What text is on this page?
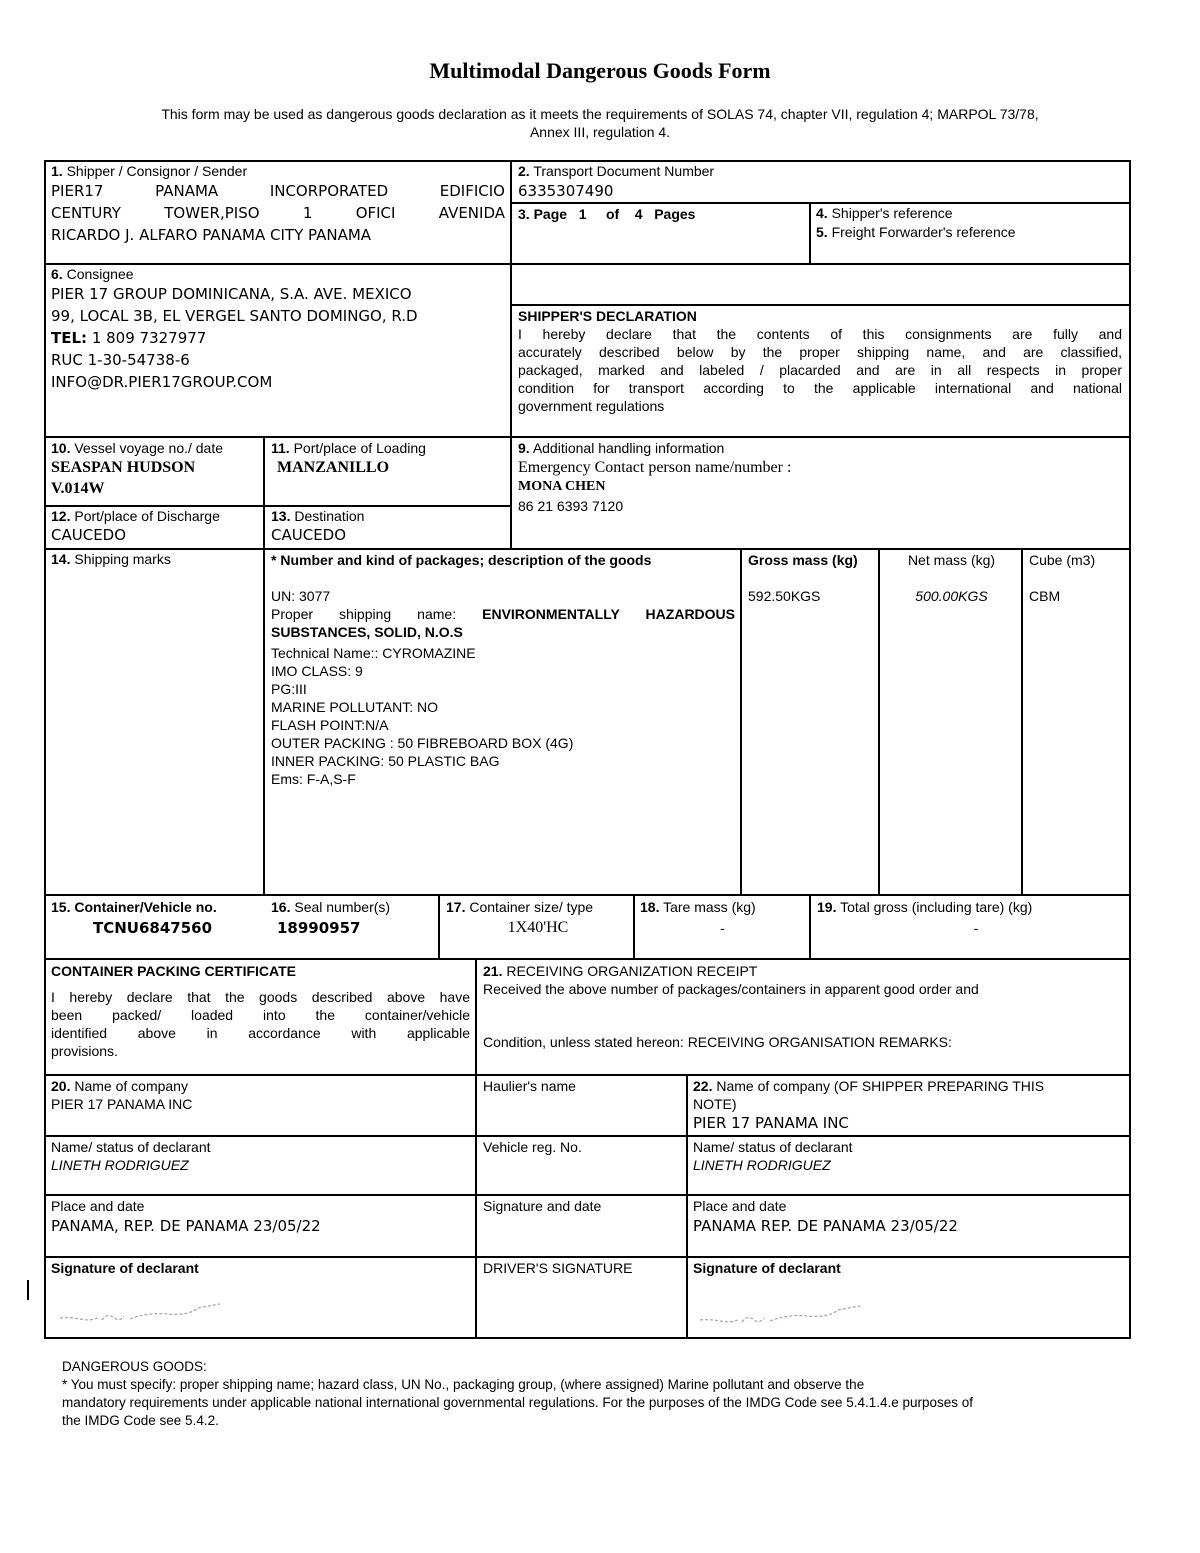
Multimodal Dangerous Goods Form
This form may be used as dangerous goods declaration as it meets the requirements of SOLAS 74, chapter VII, regulation 4; MARPOL 73/78,
Annex III, regulation 4.
1. Shipper / Consignor / Sender
PIER17 PANAMA INCORPORATED EDIFICIO
CENTURY TOWER,PISO 1 OFICI AVENIDA
RICARDO J. ALFARO PANAMA CITY PANAMA
2. Transport Document Number
6335307490
3. Page 1 of 4 Pages	4. Shipper's reference
5. Freight Forwarder's reference
6. Consignee
PIER 17 GROUP DOMINICANA, S.A. AVE. MEXICO
99, LOCAL 3B, EL VERGEL SANTO DOMINGO, R.D
TEL: 1 809 7327977
RUC 1-30-54738-6
INFO@DR.PIER17GROUP.COM
SHIPPER'S DECLARATION
I hereby declare that the contents of this consignments are fully and
accurately described below by the proper shipping name, and are classified,
packaged, marked and labeled / placarded and are in all respects in proper
condition for transport according to the applicable international and national
government regulations
10. Vessel voyage no./ date
SEASPAN HUDSON
V.014W
11. Port/place of Loading
MANZANILLO
9. Additional handling information
Emergency Contact person name/number :
MONA CHEN
86 21 6393 7120
12. Port/place of Discharge
CAUCEDO
13. Destination
CAUCEDO
14. Shipping marks	* Number and kind of packages; description of the goods
UN: 3077
Proper shipping name: ENVIRONMENTALLY HAZARDOUS
SUBSTANCES, SOLID, N.O.S
Technical Name:: CYROMAZINE
IMO CLASS: 9
PG:III
MARINE POLLUTANT: NO
FLASH POINT:N/A
OUTER PACKING : 50 FIBREBOARD BOX (4G)
INNER PACKING: 50 PLASTIC BAG
Ems: F-A,S-F
Gross mass (kg)
592.50KGS
Net mass (kg)
500.00KGS
Cube (m3)
CBM
15. Container/Vehicle no.
TCNU6847560
16. Seal number(s)
18990957
17. Container size/ type
1X40'HC
18. Tare mass (kg)
-
19. Total gross (including tare) (kg)
-
CONTAINER PACKING CERTIFICATE
I hereby declare that the goods described above have
been packed/ loaded into the container/vehicle
identified above in accordance with applicable
provisions.
21. RECEIVING ORGANIZATION RECEIPT
Received the above number of packages/containers in apparent good order and
Condition, unless stated hereon: RECEIVING ORGANISATION REMARKS:
20. Name of company
PIER 17 PANAMA INC
Haulier's name	22. Name of company (OF SHIPPER PREPARING THIS
NOTE)
PIER 17 PANAMA INC
Name/ status of declarant
LINETH RODRIGUEZ
Vehicle reg. No.	Name/ status of declarant
LINETH RODRIGUEZ
Place and date
PANAMA, REP. DE PANAMA 23/05/22
Signature and date	Place and date
PANAMA REP. DE PANAMA 23/05/22
Signature of declarant	DRIVER'S SIGNATURE	Signature of declarant
DANGEROUS GOODS:
* You must specify: proper shipping name; hazard class, UN No., packaging group, (where assigned) Marine pollutant and observe the
mandatory requirements under applicable national international governmental regulations. For the purposes of the IMDG Code see 5.4.1.4.e purposes of
the IMDG Code see 5.4.2.
